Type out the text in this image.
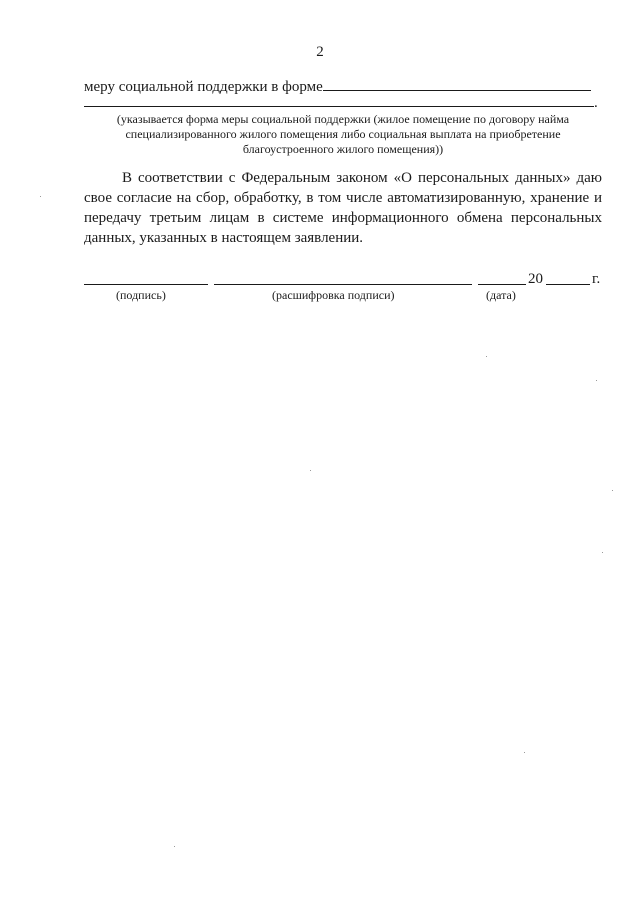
2
меру социальной поддержки в форме
.
(указывается форма меры социальной поддержки (жилое помещение по договору найма
специализированного жилого помещения либо социальная выплата на приобретение
благоустроенного жилого помещения))
В соответствии с Федеральным законом «О персональных данных» даю
свое согласие на сбор, обработку, в том числе автоматизированную, хранение и
передачу третьим лицам в системе информационного обмена персональных
данных, указанных в настоящем заявлении.
20	г.
(подпись)	(расшифровка подписи)	(дата)
